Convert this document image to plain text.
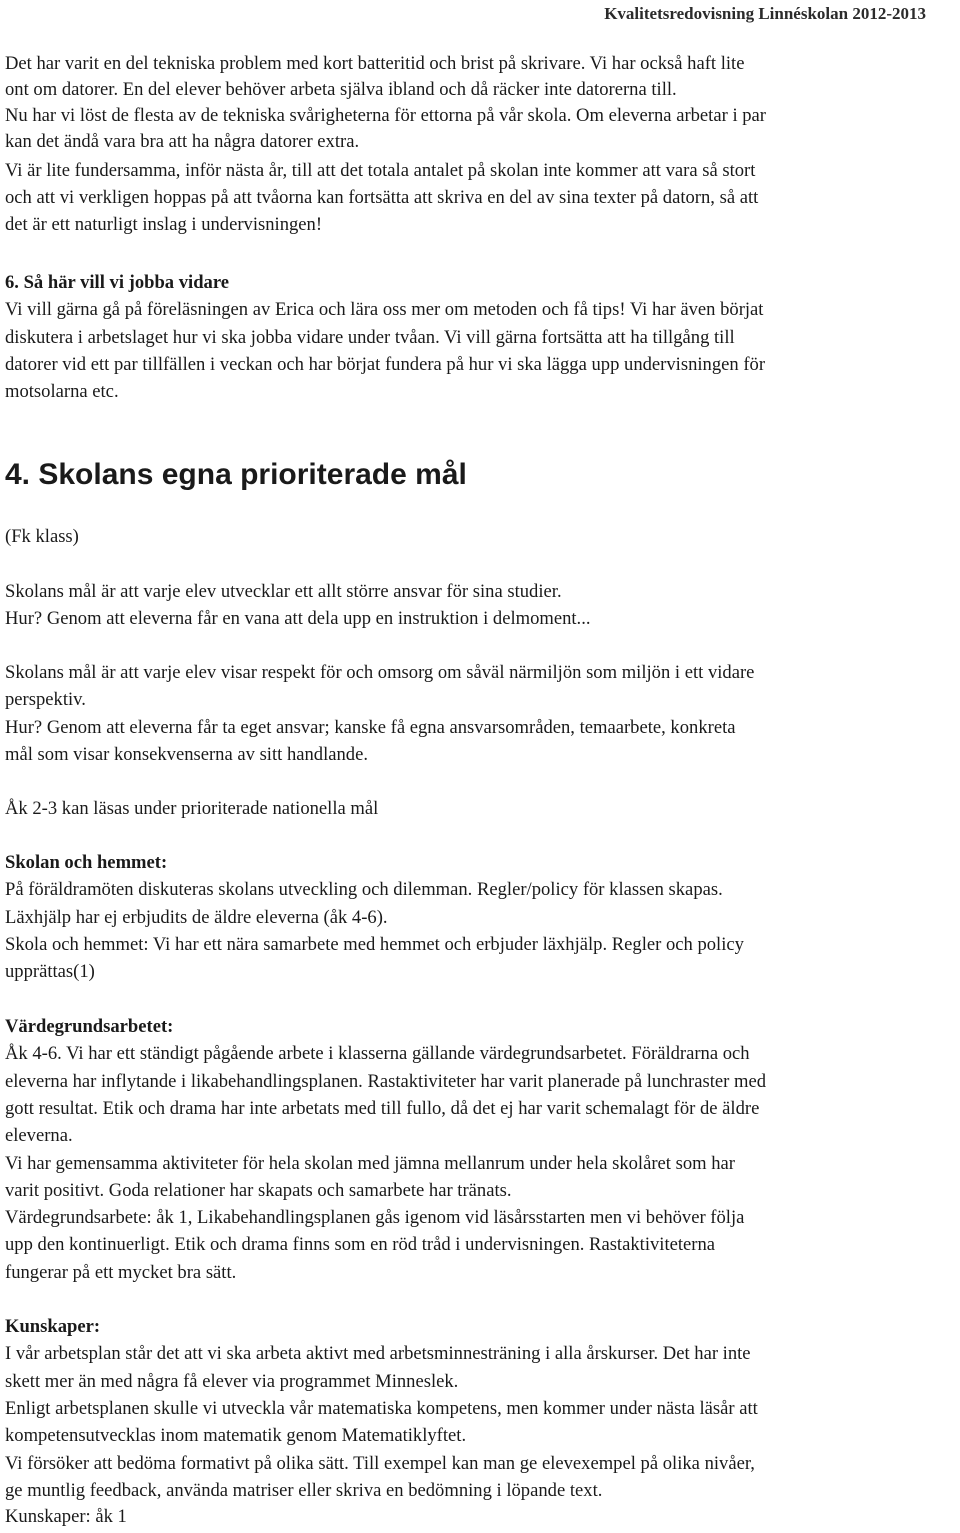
Kvalitetsredovisning Linnéskolan 2012-2013
Det har varit en del tekniska problem med kort batteritid och brist på skrivare. Vi har också haft lite
ont om datorer. En del elever behöver arbeta själva ibland och då räcker inte datorerna till.
Nu har vi löst de flesta av de tekniska svårigheterna för ettorna på vår skola. Om eleverna arbetar i par
kan det ändå vara bra att ha några datorer extra.
Vi är lite fundersamma, inför nästa år, till att det totala antalet på skolan inte kommer att vara så stort
och att vi verkligen hoppas på att tvåorna kan fortsätta att skriva en del av sina texter på datorn, så att
det är ett naturligt inslag i undervisningen!
6. Så här vill vi jobba vidare
Vi vill gärna gå på föreläsningen av Erica och lära oss mer om metoden och få tips! Vi har även börjat
diskutera i arbetslaget hur vi ska jobba vidare under tvåan. Vi vill gärna fortsätta att ha tillgång till
datorer vid ett par tillfällen i veckan och har börjat fundera på hur vi ska lägga upp undervisningen för
motsolarna etc.
4. Skolans egna prioriterade mål
(Fk klass)
Skolans mål är att varje elev utvecklar ett allt större ansvar för sina studier.
Hur? Genom att eleverna får en vana att dela upp en instruktion i delmoment...
Skolans mål är att varje elev visar respekt för och omsorg om såväl närmiljön som miljön i ett vidare
perspektiv.
Hur? Genom att eleverna får ta eget ansvar; kanske få egna ansvarsområden, temaarbete, konkreta
mål som visar konsekvenserna av sitt handlande.
Åk 2-3 kan läsas under prioriterade nationella mål
Skolan och hemmet:
På föräldramöten diskuteras skolans utveckling och dilemman. Regler/policy för klassen skapas.
Läxhjälp har ej erbjudits de äldre eleverna (åk 4-6).
Skola och hemmet: Vi har ett nära samarbete med hemmet och erbjuder läxhjälp. Regler och policy
upprättas(1)
Värdegrundsarbetet:
Åk 4-6. Vi har ett ständigt pågående arbete i klasserna gällande värdegrundsarbetet. Föräldrarna och
eleverna har inflytande i likabehandlingsplanen. Rastaktiviteter har varit planerade på lunchraster med
gott resultat. Etik och drama har inte arbetats med till fullo, då det ej har varit schemalagt för de äldre
eleverna.
Vi har gemensamma aktiviteter för hela skolan med jämna mellanrum under hela skolåret som har
varit positivt. Goda relationer har skapats och samarbete har tränats.
Värdegrundsarbete: åk 1, Likabehandlingsplanen gås igenom vid läsårsstarten men vi behöver följa
upp den kontinuerligt. Etik och drama finns som en röd tråd i undervisningen. Rastaktiviteterna
fungerar på ett mycket bra sätt.
Kunskaper:
I vår arbetsplan står det att vi ska arbeta aktivt med arbetsminnesträning i alla årskurser. Det har inte
skett mer än med några få elever via programmet Minneslek.
Enligt arbetsplanen skulle vi utveckla vår matematiska kompetens, men kommer under nästa läsår att
kompetensutvecklas inom matematik genom Matematiklyftet.
Vi försöker att bedöma formativt på olika sätt. Till exempel kan man ge elevexempel på olika nivåer,
ge muntlig feedback, använda matriser eller skriva en bedömning i löpande text.
Kunskaper: åk 1
